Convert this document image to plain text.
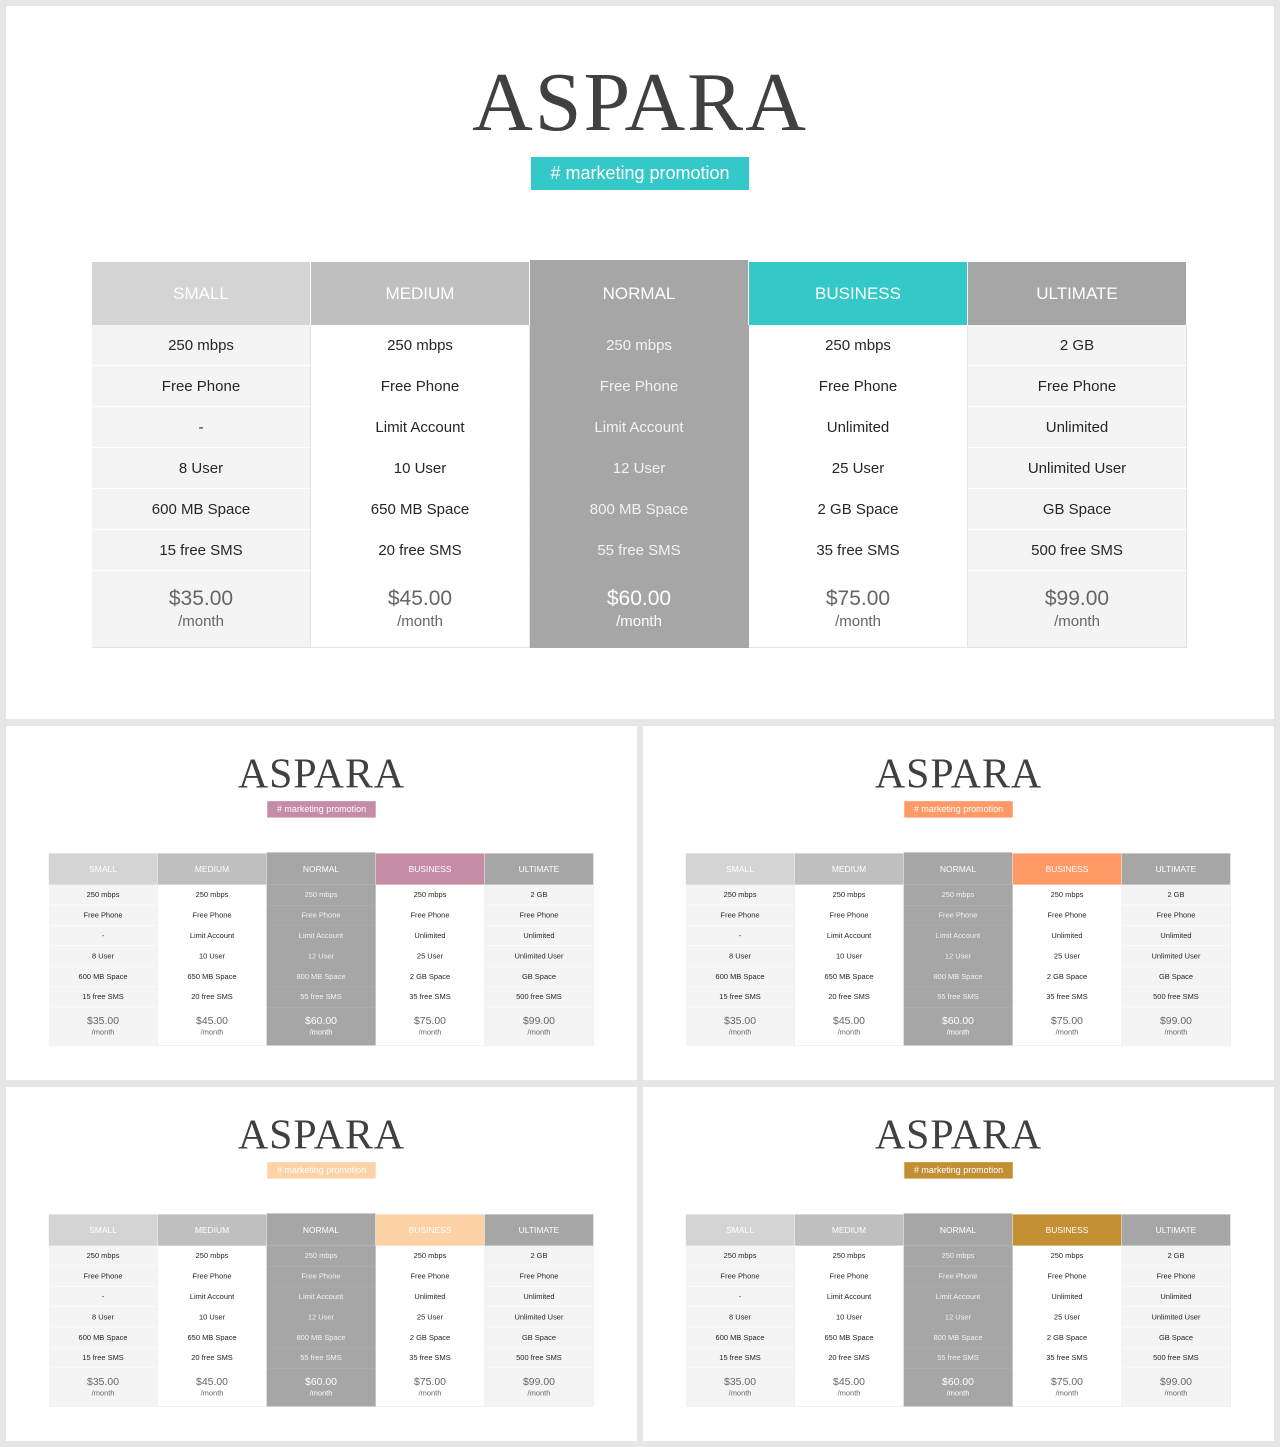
ASPARA
# marketing promotion
SMALL
250 mbps
Free Phone
-
8 User
600 MB Space
15 free SMS
$35.00
/month
MEDIUM
250 mbps
Free Phone
Limit Account
10 User
650 MB Space
20 free SMS
$45.00
/month
NORMAL
250 mbps
Free Phone
Limit Account
12 User
800 MB Space
55 free SMS
$60.00
/month
BUSINESS
250 mbps
Free Phone
Unlimited
25 User
2 GB Space
35 free SMS
$75.00
/month
ULTIMATE
2 GB
Free Phone
Unlimited
Unlimited User
GB Space
500 free SMS
$99.00
/month
ASPARA
# marketing promotion
SMALL
250 mbps
Free Phone
-
8 User
600 MB Space
15 free SMS
$35.00
/month
MEDIUM
250 mbps
Free Phone
Limit Account
10 User
650 MB Space
20 free SMS
$45.00
/month
NORMAL
250 mbps
Free Phone
Limit Account
12 User
800 MB Space
55 free SMS
$60.00
/month
BUSINESS
250 mbps
Free Phone
Unlimited
25 User
2 GB Space
35 free SMS
$75.00
/month
ULTIMATE
2 GB
Free Phone
Unlimited
Unlimited User
GB Space
500 free SMS
$99.00
/month
ASPARA
# marketing promotion
SMALL
250 mbps
Free Phone
-
8 User
600 MB Space
15 free SMS
$35.00
/month
MEDIUM
250 mbps
Free Phone
Limit Account
10 User
650 MB Space
20 free SMS
$45.00
/month
NORMAL
250 mbps
Free Phone
Limit Account
12 User
800 MB Space
55 free SMS
$60.00
/month
BUSINESS
250 mbps
Free Phone
Unlimited
25 User
2 GB Space
35 free SMS
$75.00
/month
ULTIMATE
2 GB
Free Phone
Unlimited
Unlimited User
GB Space
500 free SMS
$99.00
/month
ASPARA
# marketing promotion
SMALL
250 mbps
Free Phone
-
8 User
600 MB Space
15 free SMS
$35.00
/month
MEDIUM
250 mbps
Free Phone
Limit Account
10 User
650 MB Space
20 free SMS
$45.00
/month
NORMAL
250 mbps
Free Phone
Limit Account
12 User
800 MB Space
55 free SMS
$60.00
/month
BUSINESS
250 mbps
Free Phone
Unlimited
25 User
2 GB Space
35 free SMS
$75.00
/month
ULTIMATE
2 GB
Free Phone
Unlimited
Unlimited User
GB Space
500 free SMS
$99.00
/month
ASPARA
# marketing promotion
SMALL
250 mbps
Free Phone
-
8 User
600 MB Space
15 free SMS
$35.00
/month
MEDIUM
250 mbps
Free Phone
Limit Account
10 User
650 MB Space
20 free SMS
$45.00
/month
NORMAL
250 mbps
Free Phone
Limit Account
12 User
800 MB Space
55 free SMS
$60.00
/month
BUSINESS
250 mbps
Free Phone
Unlimited
25 User
2 GB Space
35 free SMS
$75.00
/month
ULTIMATE
2 GB
Free Phone
Unlimited
Unlimited User
GB Space
500 free SMS
$99.00
/month
